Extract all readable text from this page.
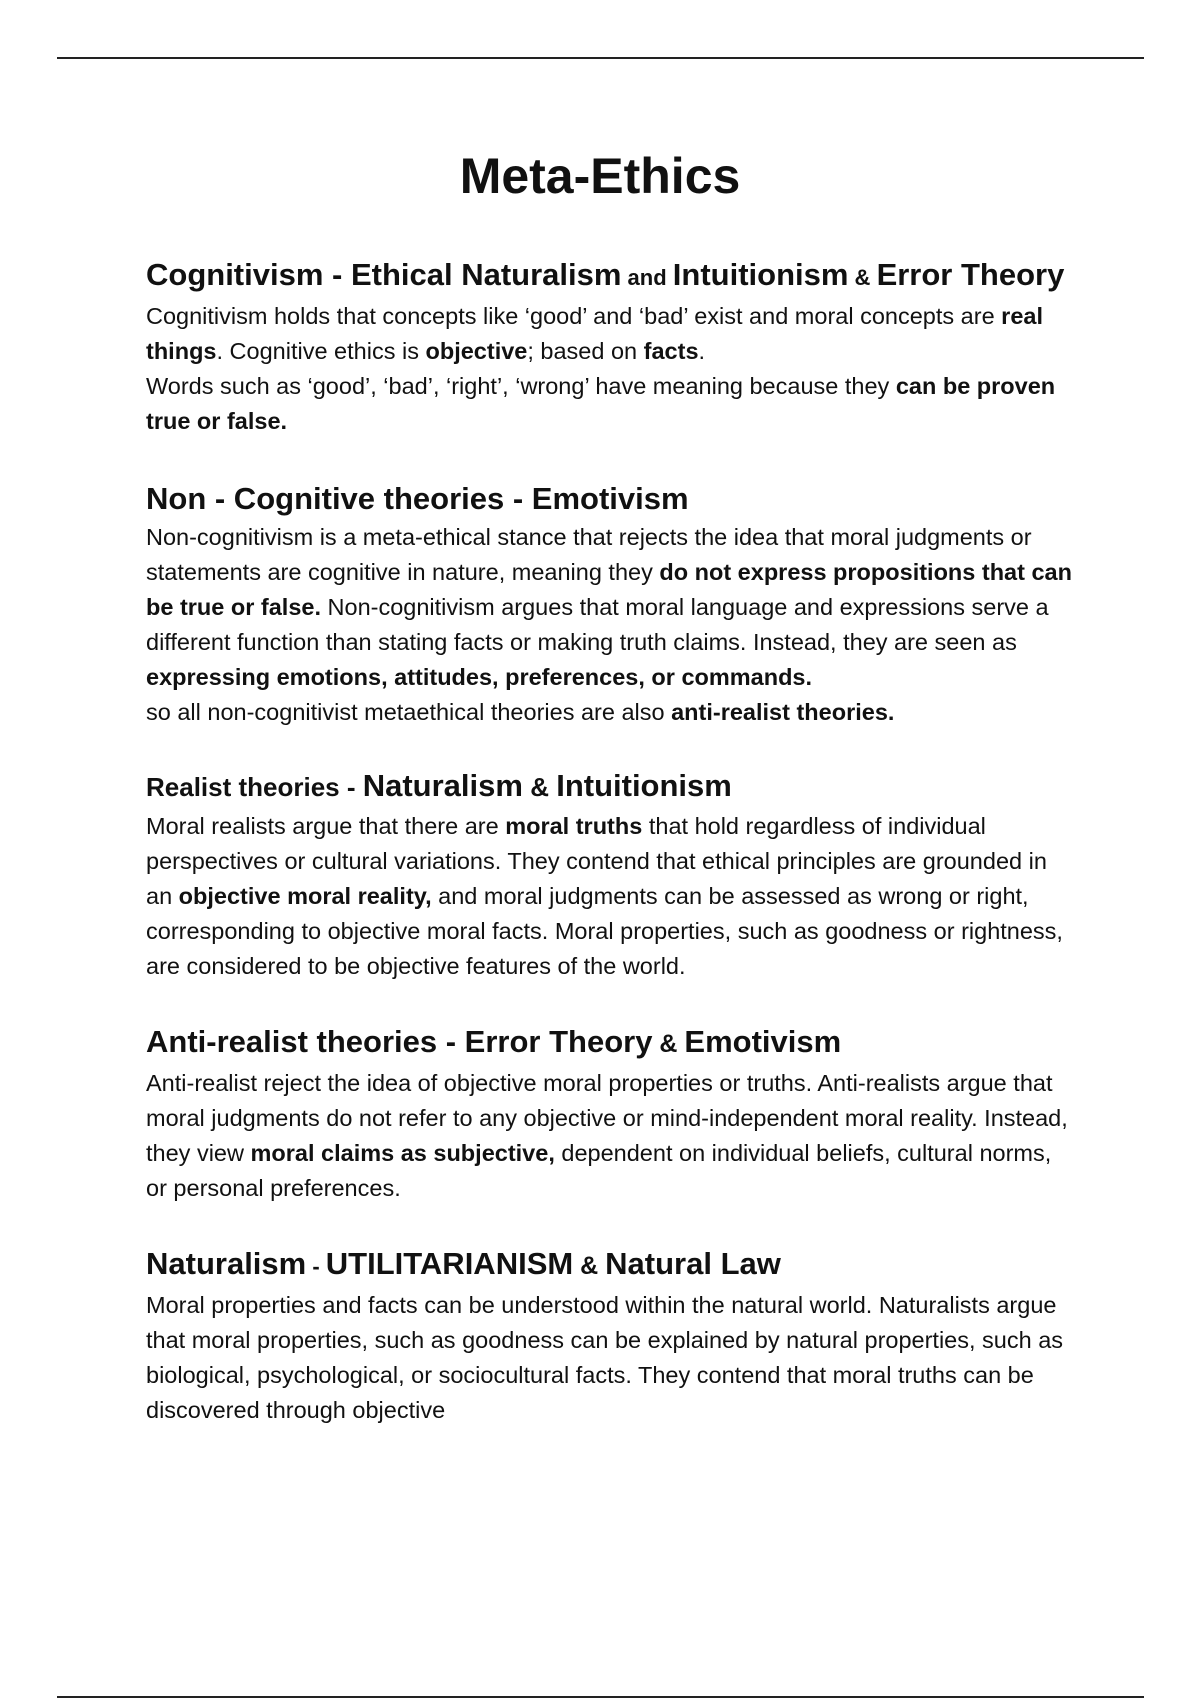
Meta-Ethics
Cognitivism - Ethical Naturalism and Intuitionism & Error Theory

Cognitivism holds that concepts like ‘good’ and ‘bad’ exist and moral concepts are real things. Cognitive ethics is objective; based on facts.
Words such as ‘good’, ‘bad’, ‘right’, ‘wrong’ have meaning because they can be proven true or false.

Non - Cognitive theories - Emotivism

Non-cognitivism is a meta-ethical stance that rejects the idea that moral judgments or statements are cognitive in nature, meaning they do not express propositions that can be true or false. Non-cognitivism argues that moral language and expressions serve a different function than stating facts or making truth claims. Instead, they are seen as expressing emotions, attitudes, preferences, or commands.
so all non-cognitivist metaethical theories are also anti-realist theories.

Realist theories - Naturalism & Intuitionism

Moral realists argue that there are moral truths that hold regardless of individual perspectives or cultural variations. They contend that ethical principles are grounded in an objective moral reality, and moral judgments can be assessed as wrong or right, corresponding to objective moral facts. Moral properties, such as goodness or rightness, are considered to be objective features of the world.

Anti-realist theories - Error Theory & Emotivism

Anti-realist reject the idea of objective moral properties or truths. Anti-realists argue that moral judgments do not refer to any objective or mind-independent moral reality. Instead, they view moral claims as subjective, dependent on individual beliefs, cultural norms, or personal preferences.

Naturalism - UTILITARIANISM & Natural Law

Moral properties and facts can be understood within the natural world. Naturalists argue that moral properties, such as goodness can be explained by natural properties, such as biological, psychological, or sociocultural facts. They contend that moral truths can be discovered through objective
